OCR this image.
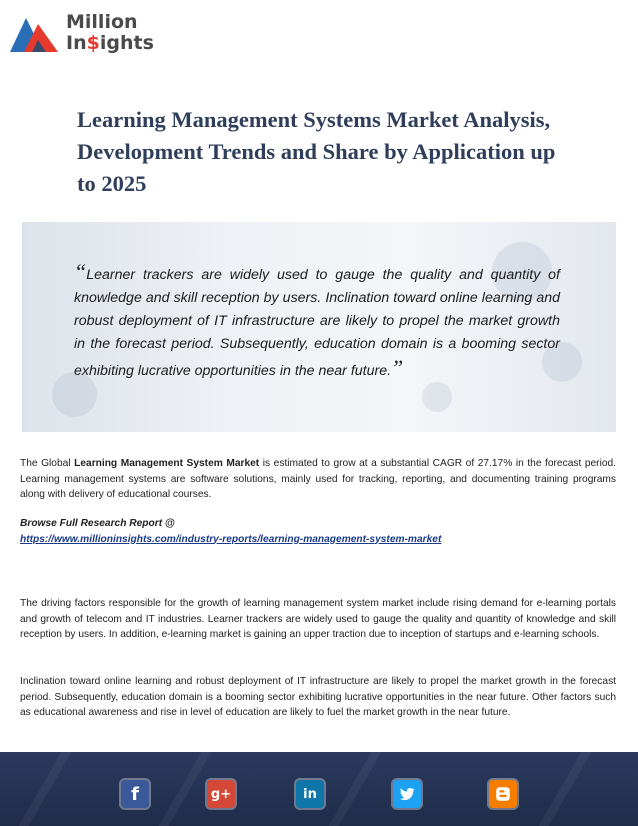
Million
In$ights
Learning Management Systems Market Analysis, Development Trends and Share by Application up to 2025
“Learner trackers are widely used to gauge the quality and quantity of knowledge and skill reception by users. Inclination toward online learning and robust deployment of IT infrastructure are likely to propel the market growth in the forecast period. Subsequently, education domain is a booming sector exhibiting lucrative opportunities in the near future.”

The Global Learning Management System Market is estimated to grow at a substantial CAGR of 27.17% in the forecast period. Learning management systems are software solutions, mainly used for tracking, reporting, and documenting training programs along with delivery of educational courses.

Browse Full Research Report @
https://www.millioninsights.com/industry-reports/learning-management-system-market

The driving factors responsible for the growth of learning management system market include rising demand for e-learning portals and growth of telecom and IT industries. Learner trackers are widely used to gauge the quality and quantity of knowledge and skill reception by users. In addition, e-learning market is gaining an upper traction due to inception of startups and e-learning schools.

Inclination toward online learning and robust deployment of IT infrastructure are likely to propel the market growth in the forecast period. Subsequently, education domain is a booming sector exhibiting lucrative opportunities in the near future. Other factors such as educational awareness and rise in level of education are likely to fuel the market growth in the near future.

f	g+	in
